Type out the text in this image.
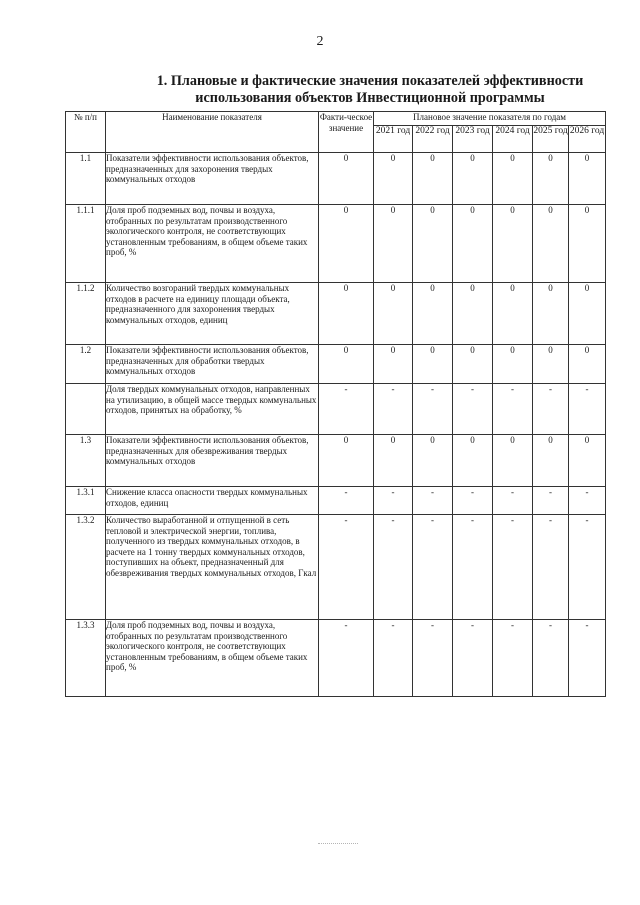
2
1. Плановые и фактические значения показателей эффективности
использования объектов Инвестиционной программы
№ п/п	Наименование показателя	Факти-ческое значение	Плановое значение показателя по годам					
			2021 год	2022 год	2023 год	2024 год	2025 год	2026 год
1.1	Показатели эффективности использования объектов, предназначенных для захоронения твердых коммунальных отходов	0	0	0	0	0	0	0
1.1.1	Доля проб подземных вод, почвы и воздуха, отобранных по результатам производственного экологического контроля, не соответствующих установленным требованиям, в общем объеме таких проб, %	0	0	0	0	0	0	0
1.1.2	Количество возгораний твердых коммунальных отходов в расчете на единицу площади объекта, предназначенного для захоронения твердых коммунальных отходов, единиц	0	0	0	0	0	0	0
1.2	Показатели эффективности использования объектов, предназначенных для обработки твердых коммунальных отходов	0	0	0	0	0	0	0
	Доля твердых коммунальных отходов, направленных на утилизацию, в общей массе твердых коммунальных отходов, принятых на обработку, %	-	-	-	-	-	-	-
1.3	Показатели эффективности использования объектов, предназначенных для обезвреживания твердых коммунальных отходов	0	0	0	0	0	0	0
1.3.1	Снижение класса опасности твердых коммунальных отходов, единиц	-	-	-	-	-	-	-
1.3.2	Количество выработанной и отпущенной в сеть тепловой и электрической энергии, топлива, полученного из твердых коммунальных отходов, в расчете на 1 тонну твердых коммунальных отходов, поступивших на объект, предназначенный для обезвреживания твердых коммунальных отходов, Гкал	-	-	-	-	-	-	-
1.3.3	Доля проб подземных вод, почвы и воздуха, отобранных по результатам производственного экологического контроля, не соответствующих установленным требованиям, в общем объеме таких проб, %	-	-	-	-	-	-	-
